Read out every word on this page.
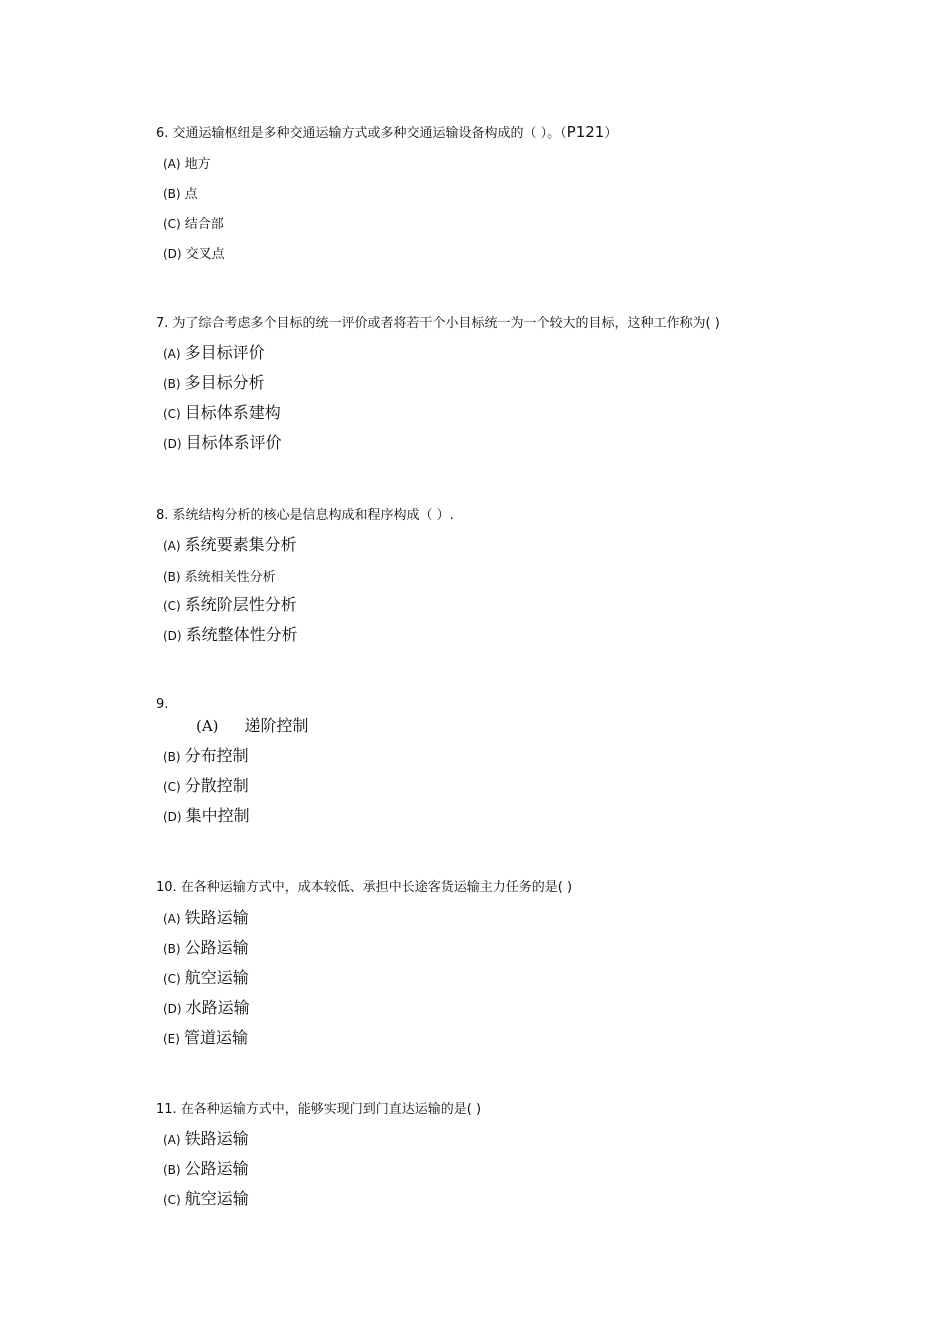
6. 交通运输枢纽是多种交通运输方式或多种交通运输设备构成的（ ）。（P121）
(A) 地方
(B) 点
(C) 结合部
(D) 交叉点
7. 为了综合考虑多个目标的统一评价或者将若干个小目标统一为一个较大的目标，这种工作称为( )
(A) 多目标评价
(B) 多目标分析
(C) 目标体系建构
(D) 目标体系评价
8. 系统结构分析的核心是信息构成和程序构成（ ）.
(A) 系统要素集分析
(B) 系统相关性分析
(C) 系统阶层性分析
(D) 系统整体性分析
9.
(A) 递阶控制
(B) 分布控制
(C) 分散控制
(D) 集中控制
10. 在各种运输方式中，成本较低、承担中长途客货运输主力任务的是( )
(A) 铁路运输
(B) 公路运输
(C) 航空运输
(D) 水路运输
(E) 管道运输
11. 在各种运输方式中，能够实现门到门直达运输的是( )
(A) 铁路运输
(B) 公路运输
(C) 航空运输
